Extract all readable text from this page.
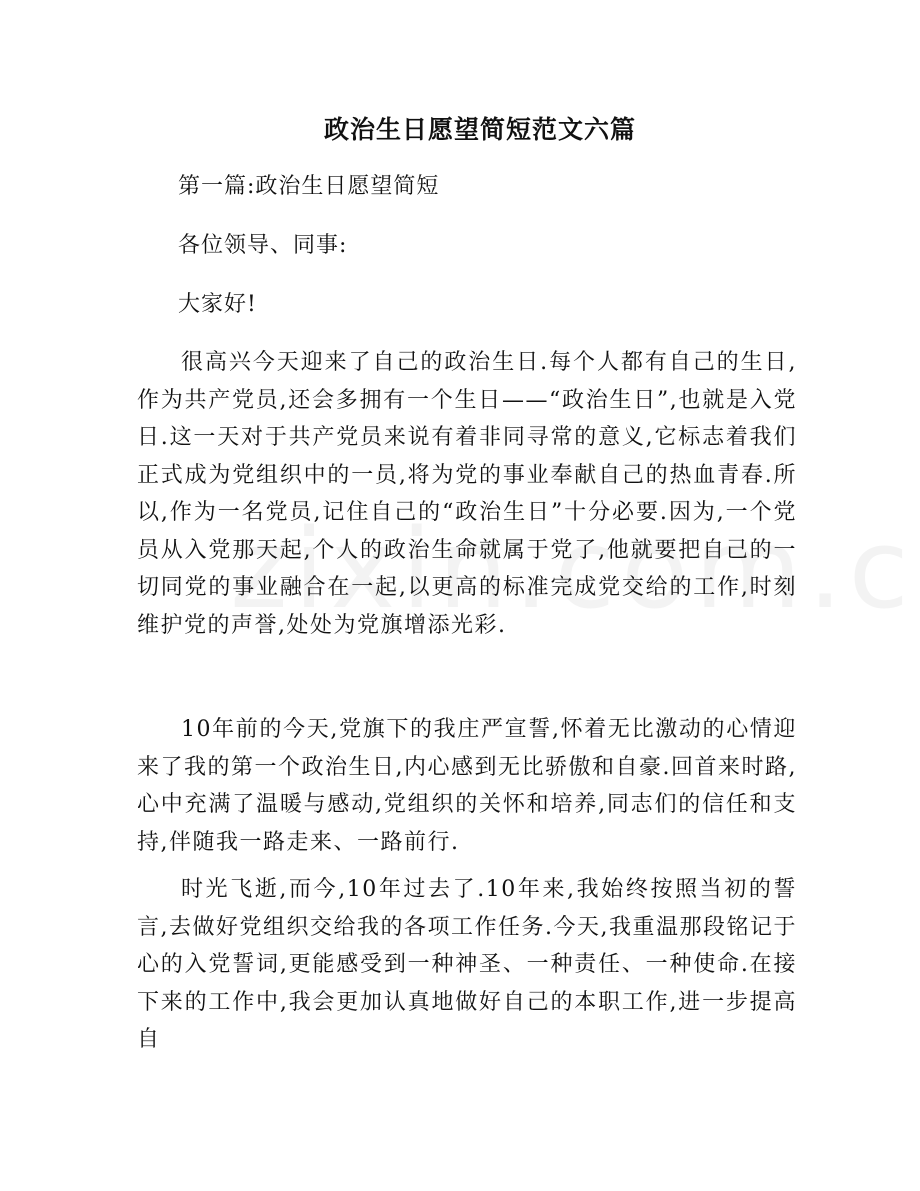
政治生日愿望简短范文六篇

第一篇:政治生日愿望简短

各位领导、同事:

大家好!

很高兴今天迎来了自己的政治生日.每个人都有自己的生日,作为共产党员,还会多拥有一个生日——“政治生日”,也就是入党日.这一天对于共产党员来说有着非同寻常的意义,它标志着我们正式成为党组织中的一员,将为党的事业奉献自己的热血青春.所以,作为一名党员,记住自己的“政治生日”十分必要.因为,一个党员从入党那天起,个人的政治生命就属于党了,他就要把自己的一切同党的事业融合在一起,以更高的标准完成党交给的工作,时刻维护党的声誉,处处为党旗增添光彩.

10年前的今天,党旗下的我庄严宣誓,怀着无比激动的心情迎来了我的第一个政治生日,内心感到无比骄傲和自豪.回首来时路,心中充满了温暖与感动,党组织的关怀和培养,同志们的信任和支持,伴随我一路走来、一路前行.

时光飞逝,而今,10年过去了.10年来,我始终按照当初的誓言,去做好党组织交给我的各项工作任务.今天,我重温那段铭记于心的入党誓词,更能感受到一种神圣、一种责任、一种使命.在接下来的工作中,我会更加认真地做好自己的本职工作,进一步提高自
